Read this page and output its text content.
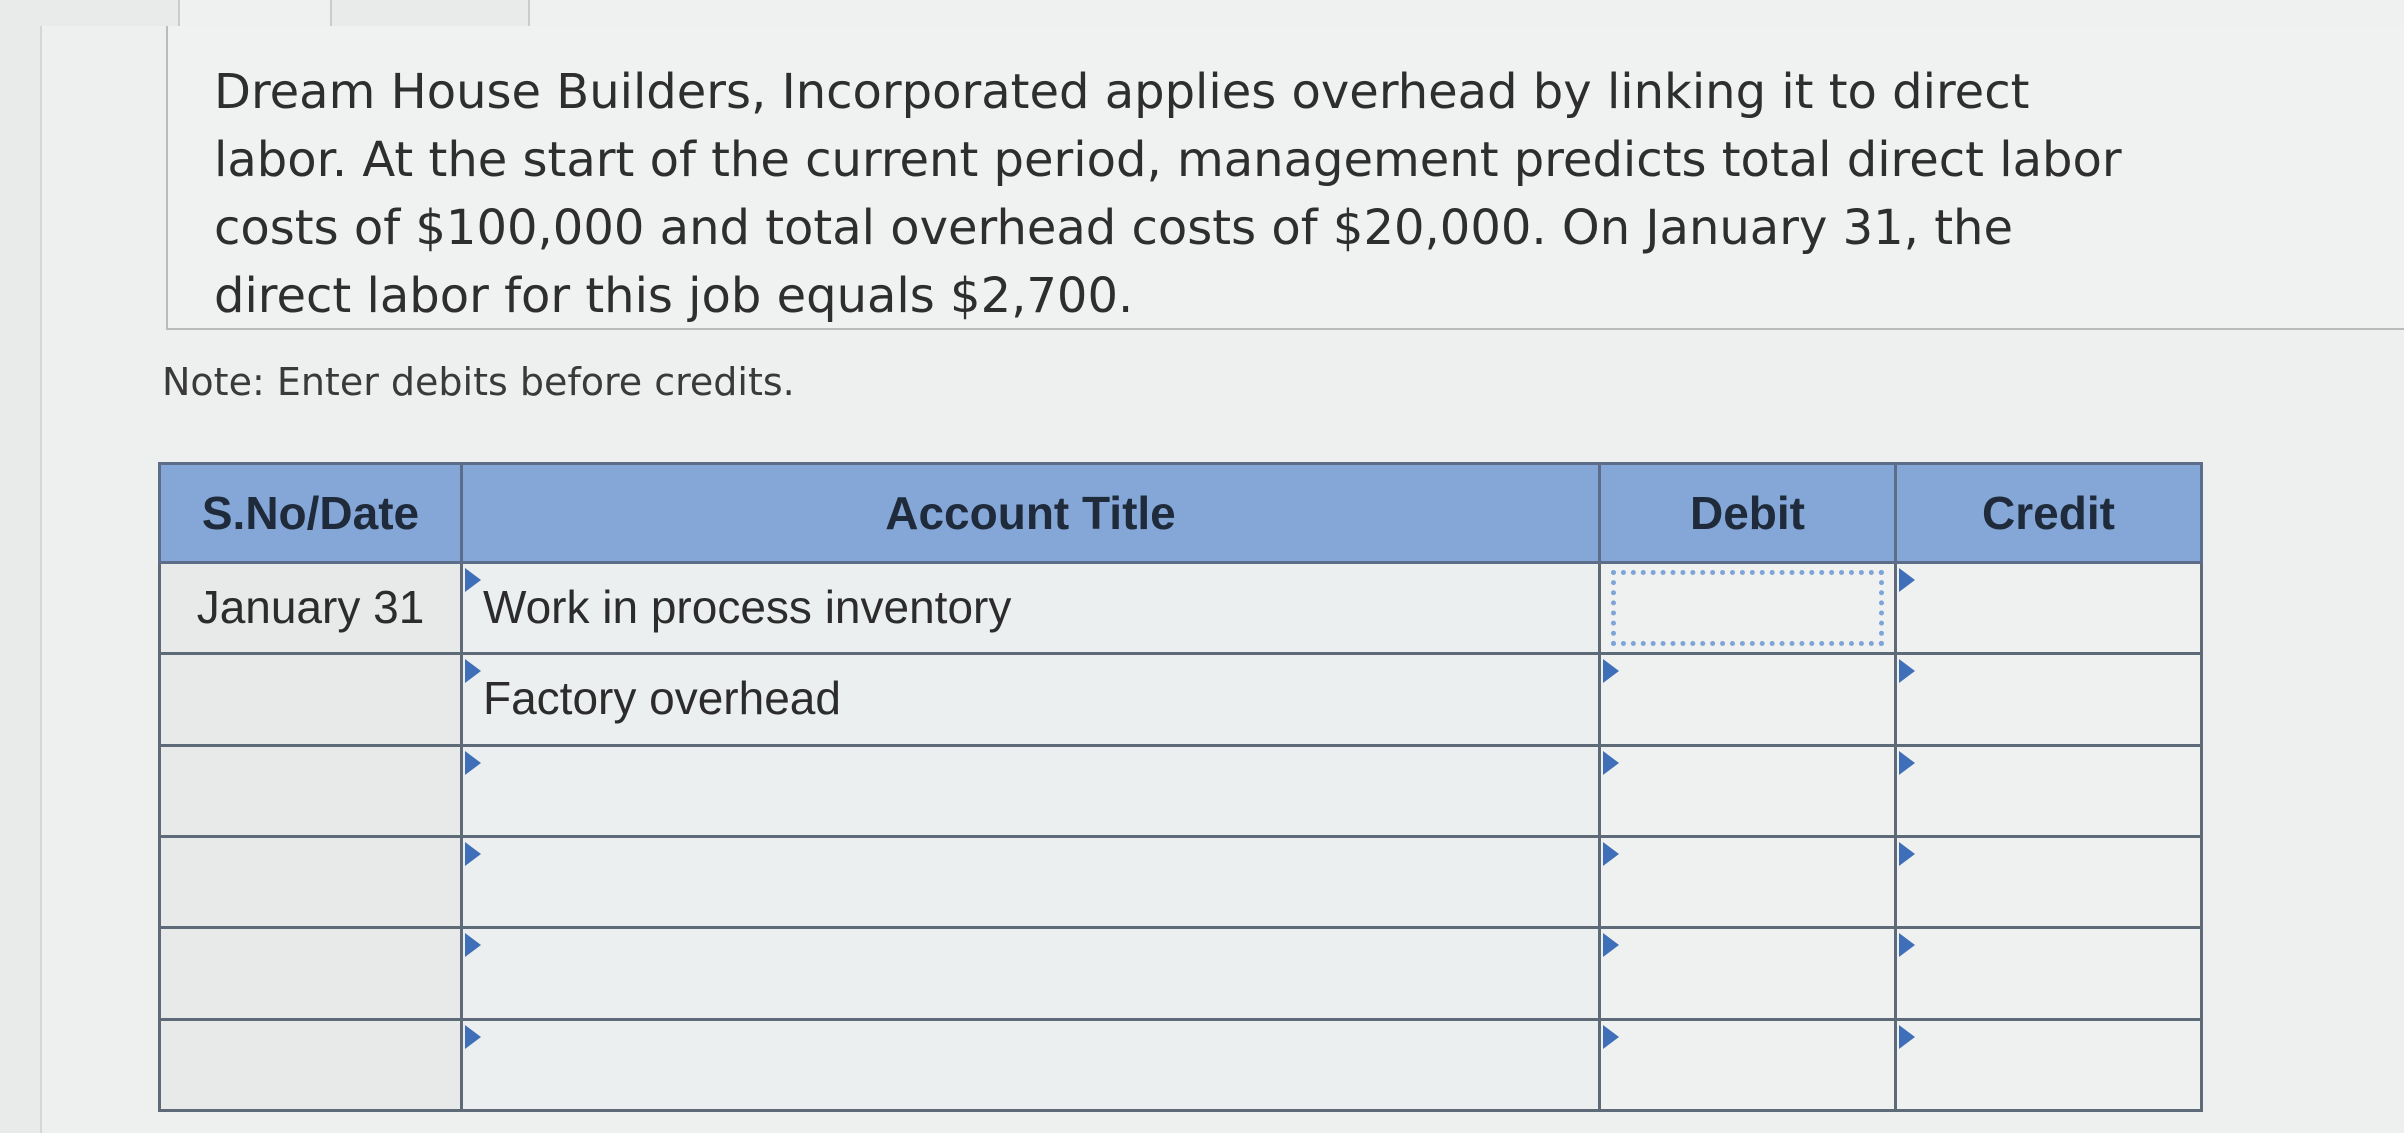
Dream House Builders, Incorporated applies overhead by linking it to direct
labor. At the start of the current period, management predicts total direct labor
costs of $100,000 and total overhead costs of $20,000. On January 31, the
direct labor for this job equals $2,700.

Note: Enter debits before credits.

S.No/Date	Account Title	Debit	Credit

January 31	Work in process inventory		

	Factory overhead		
